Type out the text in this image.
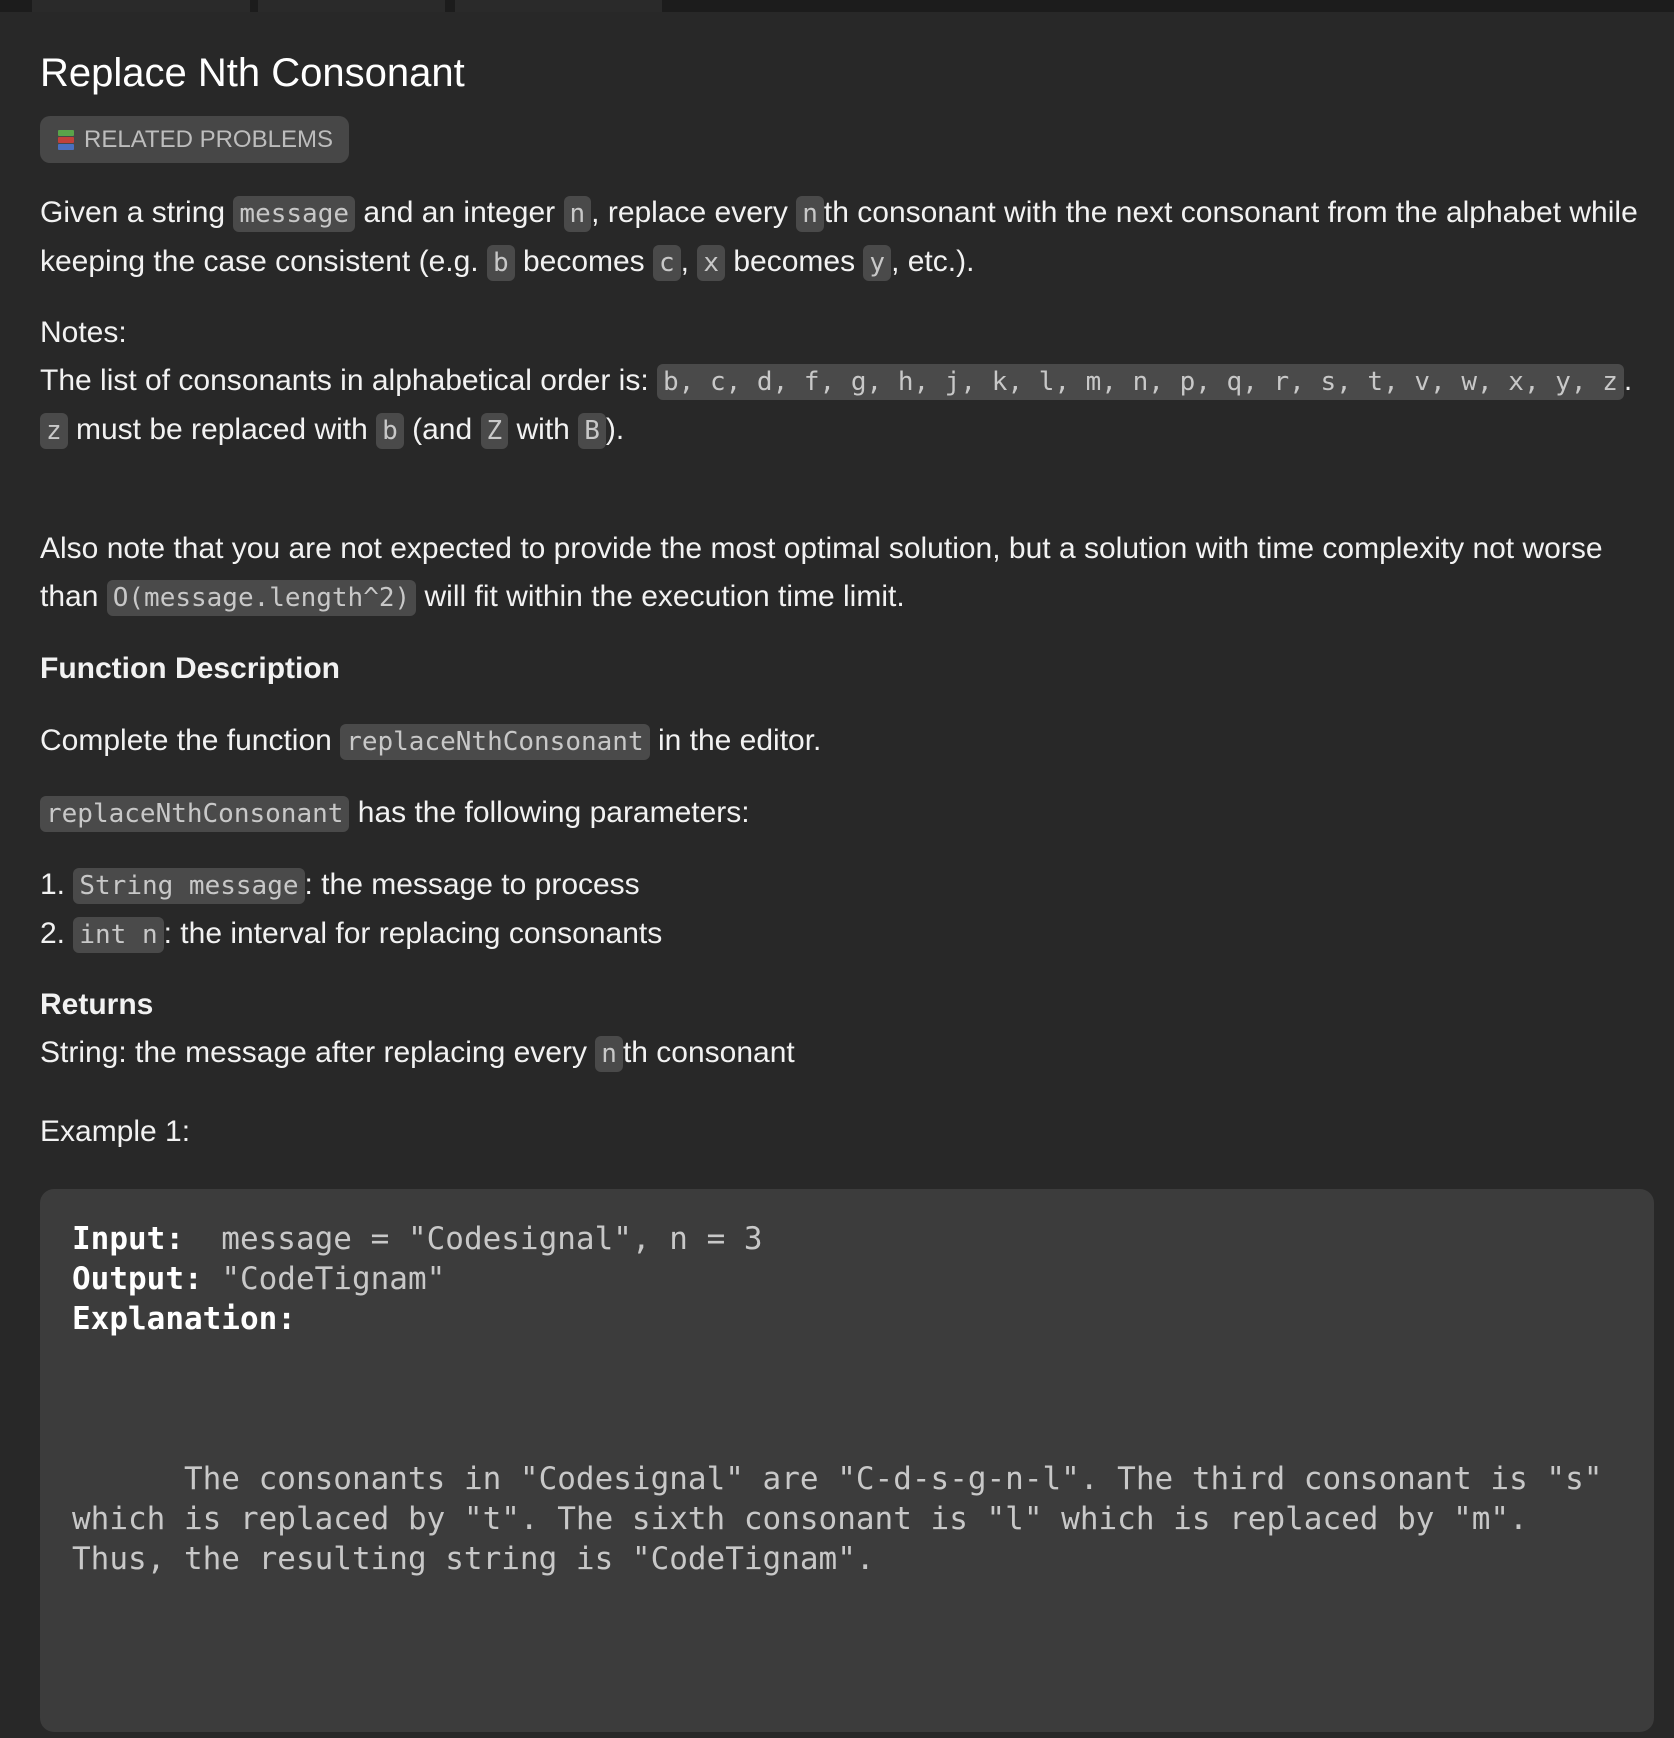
Replace Nth Consonant
RELATED PROBLEMS
Given a string message and an integer n , replace every n th consonant with the next consonant from the alphabet while keeping the case consistent (e.g. b becomes c , x becomes y , etc.).
Notes:
The list of consonants in alphabetical order is: b, c, d, f, g, h, j, k, l, m, n, p, q, r, s, t, v, w, x, y, z .
z must be replaced with b (and Z with B ).
Also note that you are not expected to provide the most optimal solution, but a solution with time complexity not worse than O(message.length^2) will fit within the execution time limit.
Function Description
Complete the function replaceNthConsonant in the editor.
replaceNthConsonant has the following parameters:
1. String message : the message to process
2. int n : the interval for replacing consonants
Returns
String: the message after replacing every n th consonant
Example 1:
Input:  message = "Codesignal", n = 3
Output: "CodeTignam"
Explanation:

The consonants in "Codesignal" are "C-d-s-g-n-l". The third consonant is "s" which is replaced by "t". The sixth consonant is "l" which is replaced by "m". Thus, the resulting string is "CodeTignam".
